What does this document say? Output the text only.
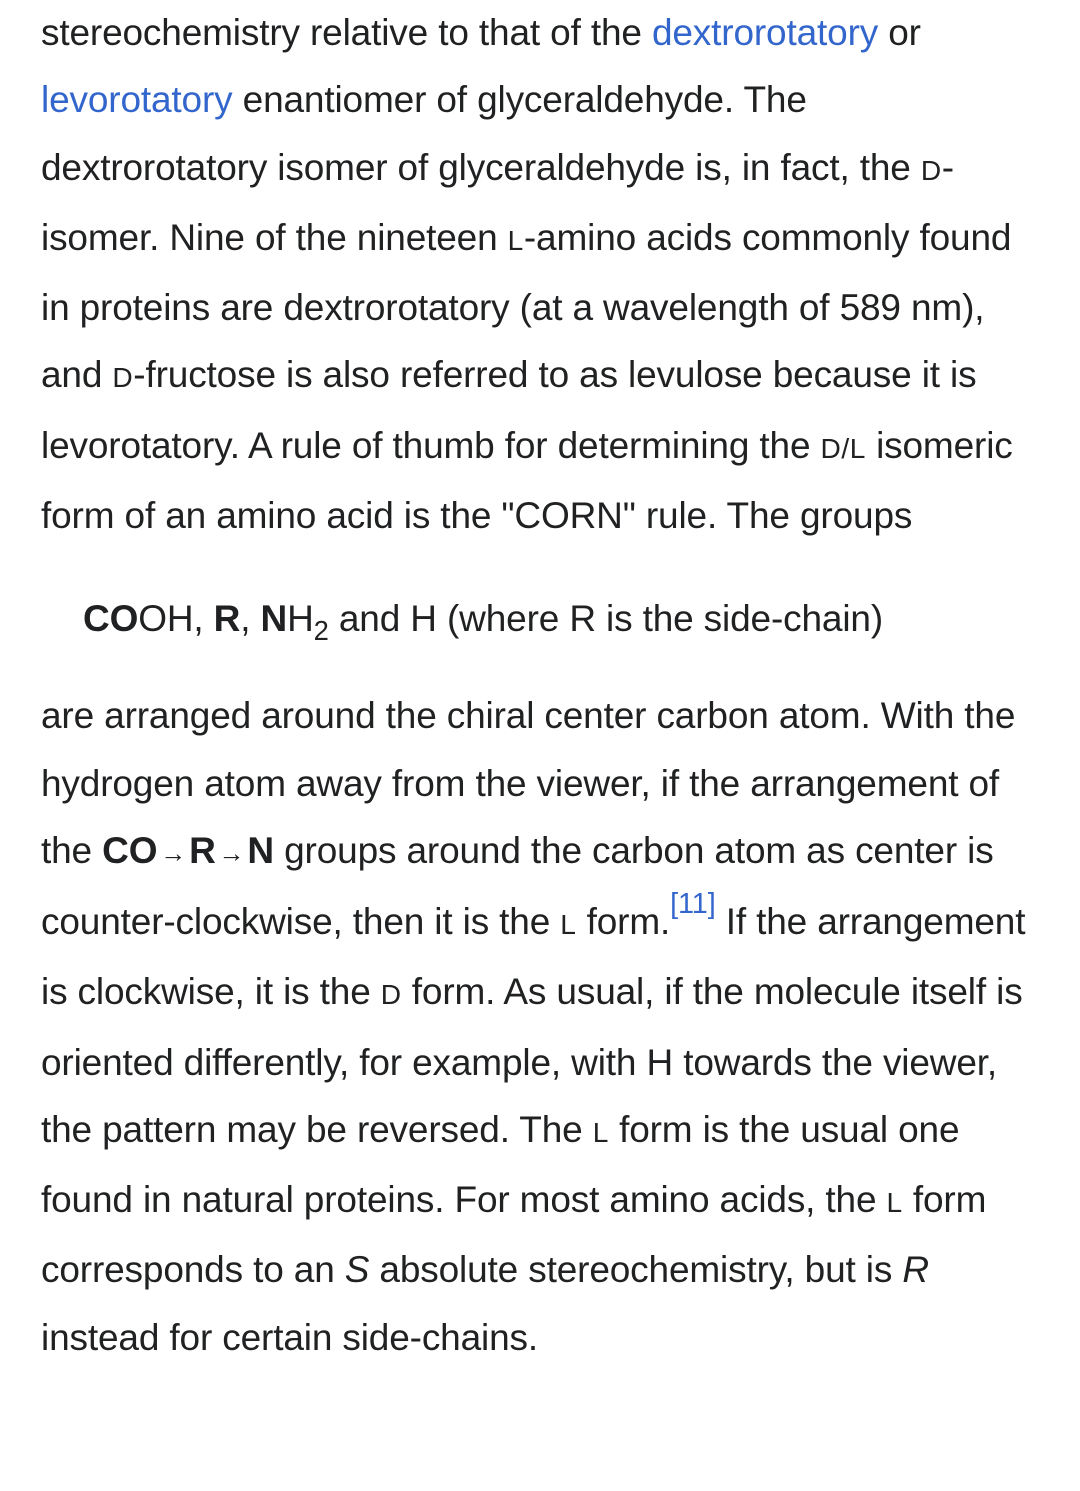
stereochemistry relative to that of the dextrorotatory or levorotatory enantiomer of glyceraldehyde. The dextrorotatory isomer of glyceraldehyde is, in fact, the D- isomer. Nine of the nineteen L-amino acids commonly found in proteins are dextrorotatory (at a wavelength of 589 nm), and D-fructose is also referred to as levulose because it is levorotatory. A rule of thumb for determining the D/L isomeric form of an amino acid is the "CORN" rule. The groups

COOH, R, $NH_2$ and H (where R is the side-chain)

are arranged around the chiral center carbon atom. With the hydrogen atom away from the viewer, if the arrangement of the CO →R →N groups around the carbon atom as center is counter-clockwise, then it is the L form.[11] If the arrangement is clockwise, it is the D form. As usual, if the molecule itself is oriented differently, for example, with H towards the viewer, the pattern may be reversed. The L form is the usual one found in natural proteins. For most amino acids, the L form corresponds to an S absolute stereochemistry, but is R instead for certain side-chains.
